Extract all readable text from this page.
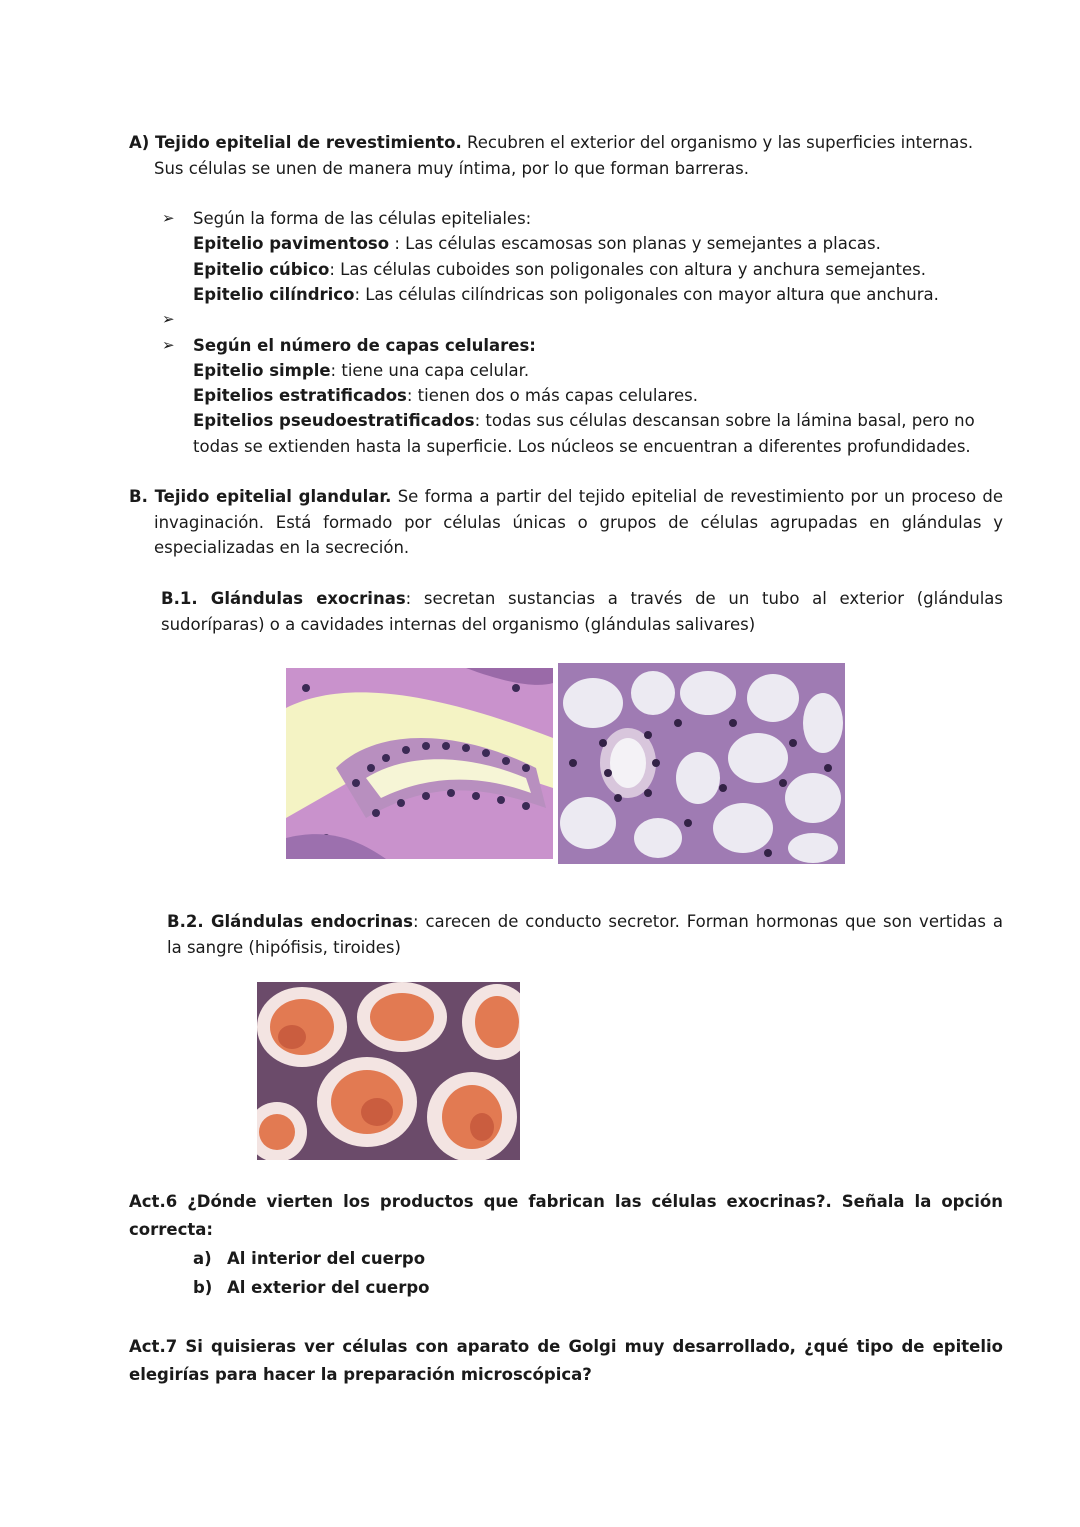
A) Tejido epitelial de revestimiento. Recubren el exterior del organismo y las superficies internas.
Sus células se unen de manera muy íntima, por lo que forman barreras.
➢ Según la forma de las células epiteliales:
Epitelio pavimentoso : Las células escamosas son planas y semejantes a placas.
Epitelio cúbico: Las células cuboides son poligonales con altura y anchura semejantes.
Epitelio cilíndrico: Las células cilíndricas son poligonales con mayor altura que anchura.
➢
➢ Según el número de capas celulares:
Epitelio simple: tiene una capa celular.
Epitelios estratificados: tienen dos o más capas celulares.
Epitelios pseudoestratificados: todas sus células descansan sobre la lámina basal, pero no
todas se extienden hasta la superficie. Los núcleos se encuentran a diferentes profundidades.
B. Tejido epitelial glandular. Se forma a partir del tejido epitelial de revestimiento por un proceso de invaginación. Está formado por células únicas o grupos de células agrupadas en glándulas y especializadas en la secreción.
B.1. Glándulas exocrinas: secretan sustancias a través de un tubo al exterior (glándulas sudoríparas) o a cavidades internas del organismo (glándulas salivares)
B.2. Glándulas endocrinas: carecen de conducto secretor. Forman hormonas que son vertidas a la sangre (hipófisis, tiroides)
Act.6 ¿Dónde vierten los productos que fabrican las células exocrinas?. Señala la opción correcta:
a) Al interior del cuerpo
b) Al exterior del cuerpo
Act.7 Si quisieras ver células con aparato de Golgi muy desarrollado, ¿qué tipo de epitelio elegirías para hacer la preparación microscópica?
